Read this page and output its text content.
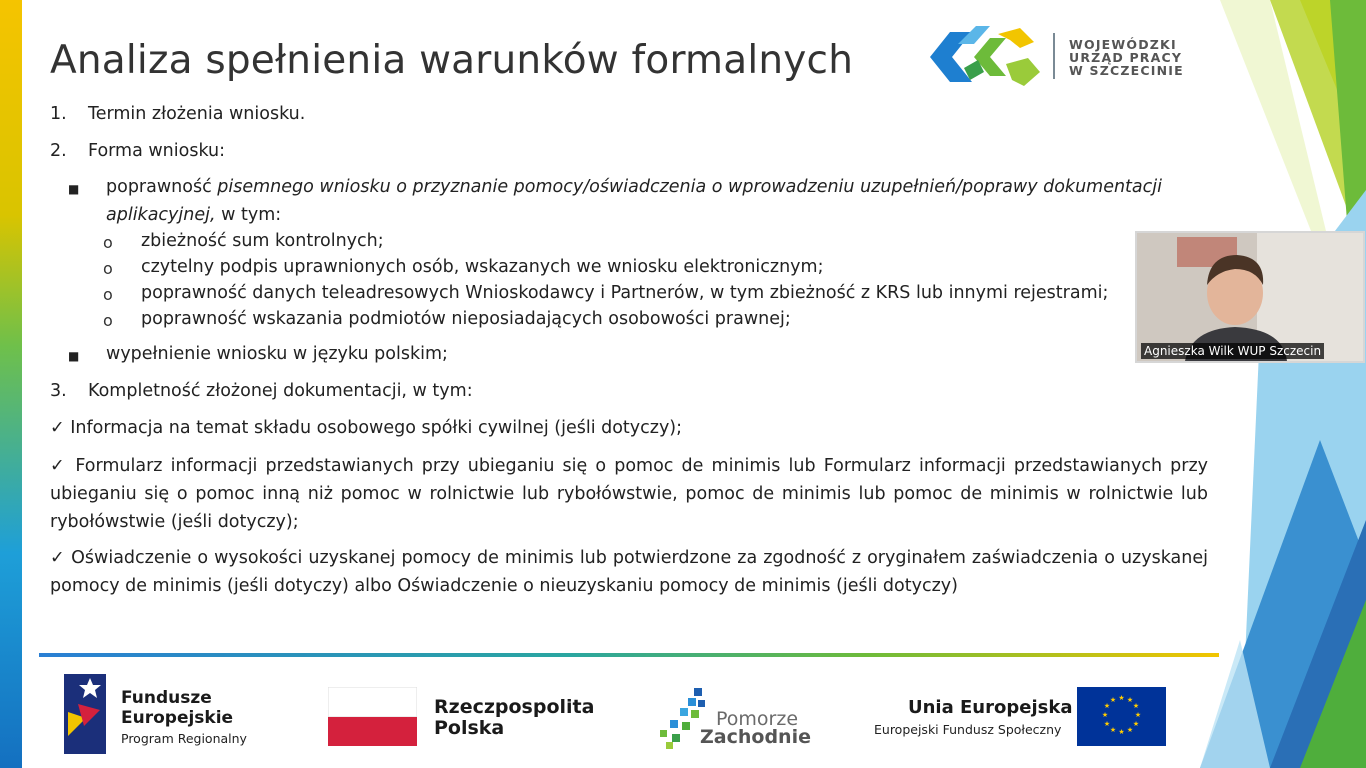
Analiza spełnienia warunków formalnych	WOJEWÓDZKI
URZĄD PRACY
W SZCZECINIE
1. Termin złożenia wniosku.
2. Forma wniosku:
■ poprawność pisemnego wniosku o przyznanie pomocy/oświadczenia o wprowadzeniu uzupełnień/poprawy dokumentacji
aplikacyjnej, w tym:
o zbieżność sum kontrolnych;
o czytelny podpis uprawnionych osób, wskazanych we wniosku elektronicznym;
o poprawność danych teleadresowych Wnioskodawcy i Partnerów, w tym zbieżność z KRS lub innymi rejestrami;
o poprawność wskazania podmiotów nieposiadających osobowości prawnej;
■ wypełnienie wniosku w języku polskim;
3. Kompletność złożonej dokumentacji, w tym:
✓ Informacja na temat składu osobowego spółki cywilnej (jeśli dotyczy);
✓ Formularz informacji przedstawianych przy ubieganiu się o pomoc de minimis lub Formularz informacji przedstawianych przy ubieganiu się o pomoc inną niż pomoc w rolnictwie lub rybołówstwie, pomoc de minimis lub pomoc de minimis w rolnictwie lub rybołówstwie (jeśli dotyczy);
✓ Oświadczenie o wysokości uzyskanej pomocy de minimis lub potwierdzone za zgodność z oryginałem zaświadczenia o uzyskanej pomocy de minimis (jeśli dotyczy) albo Oświadczenie o nieuzyskaniu pomocy de minimis (jeśli dotyczy)
Agnieszka Wilk WUP Szczecin
Fundusze
Europejskie
Program Regionalny
Rzeczpospolita
Polska	Pomorze
Zachodnie
Unia Europejska
Europejski Fundusz Społeczny
★ ★
★
★
★
★
★
★
★
★
★
★
